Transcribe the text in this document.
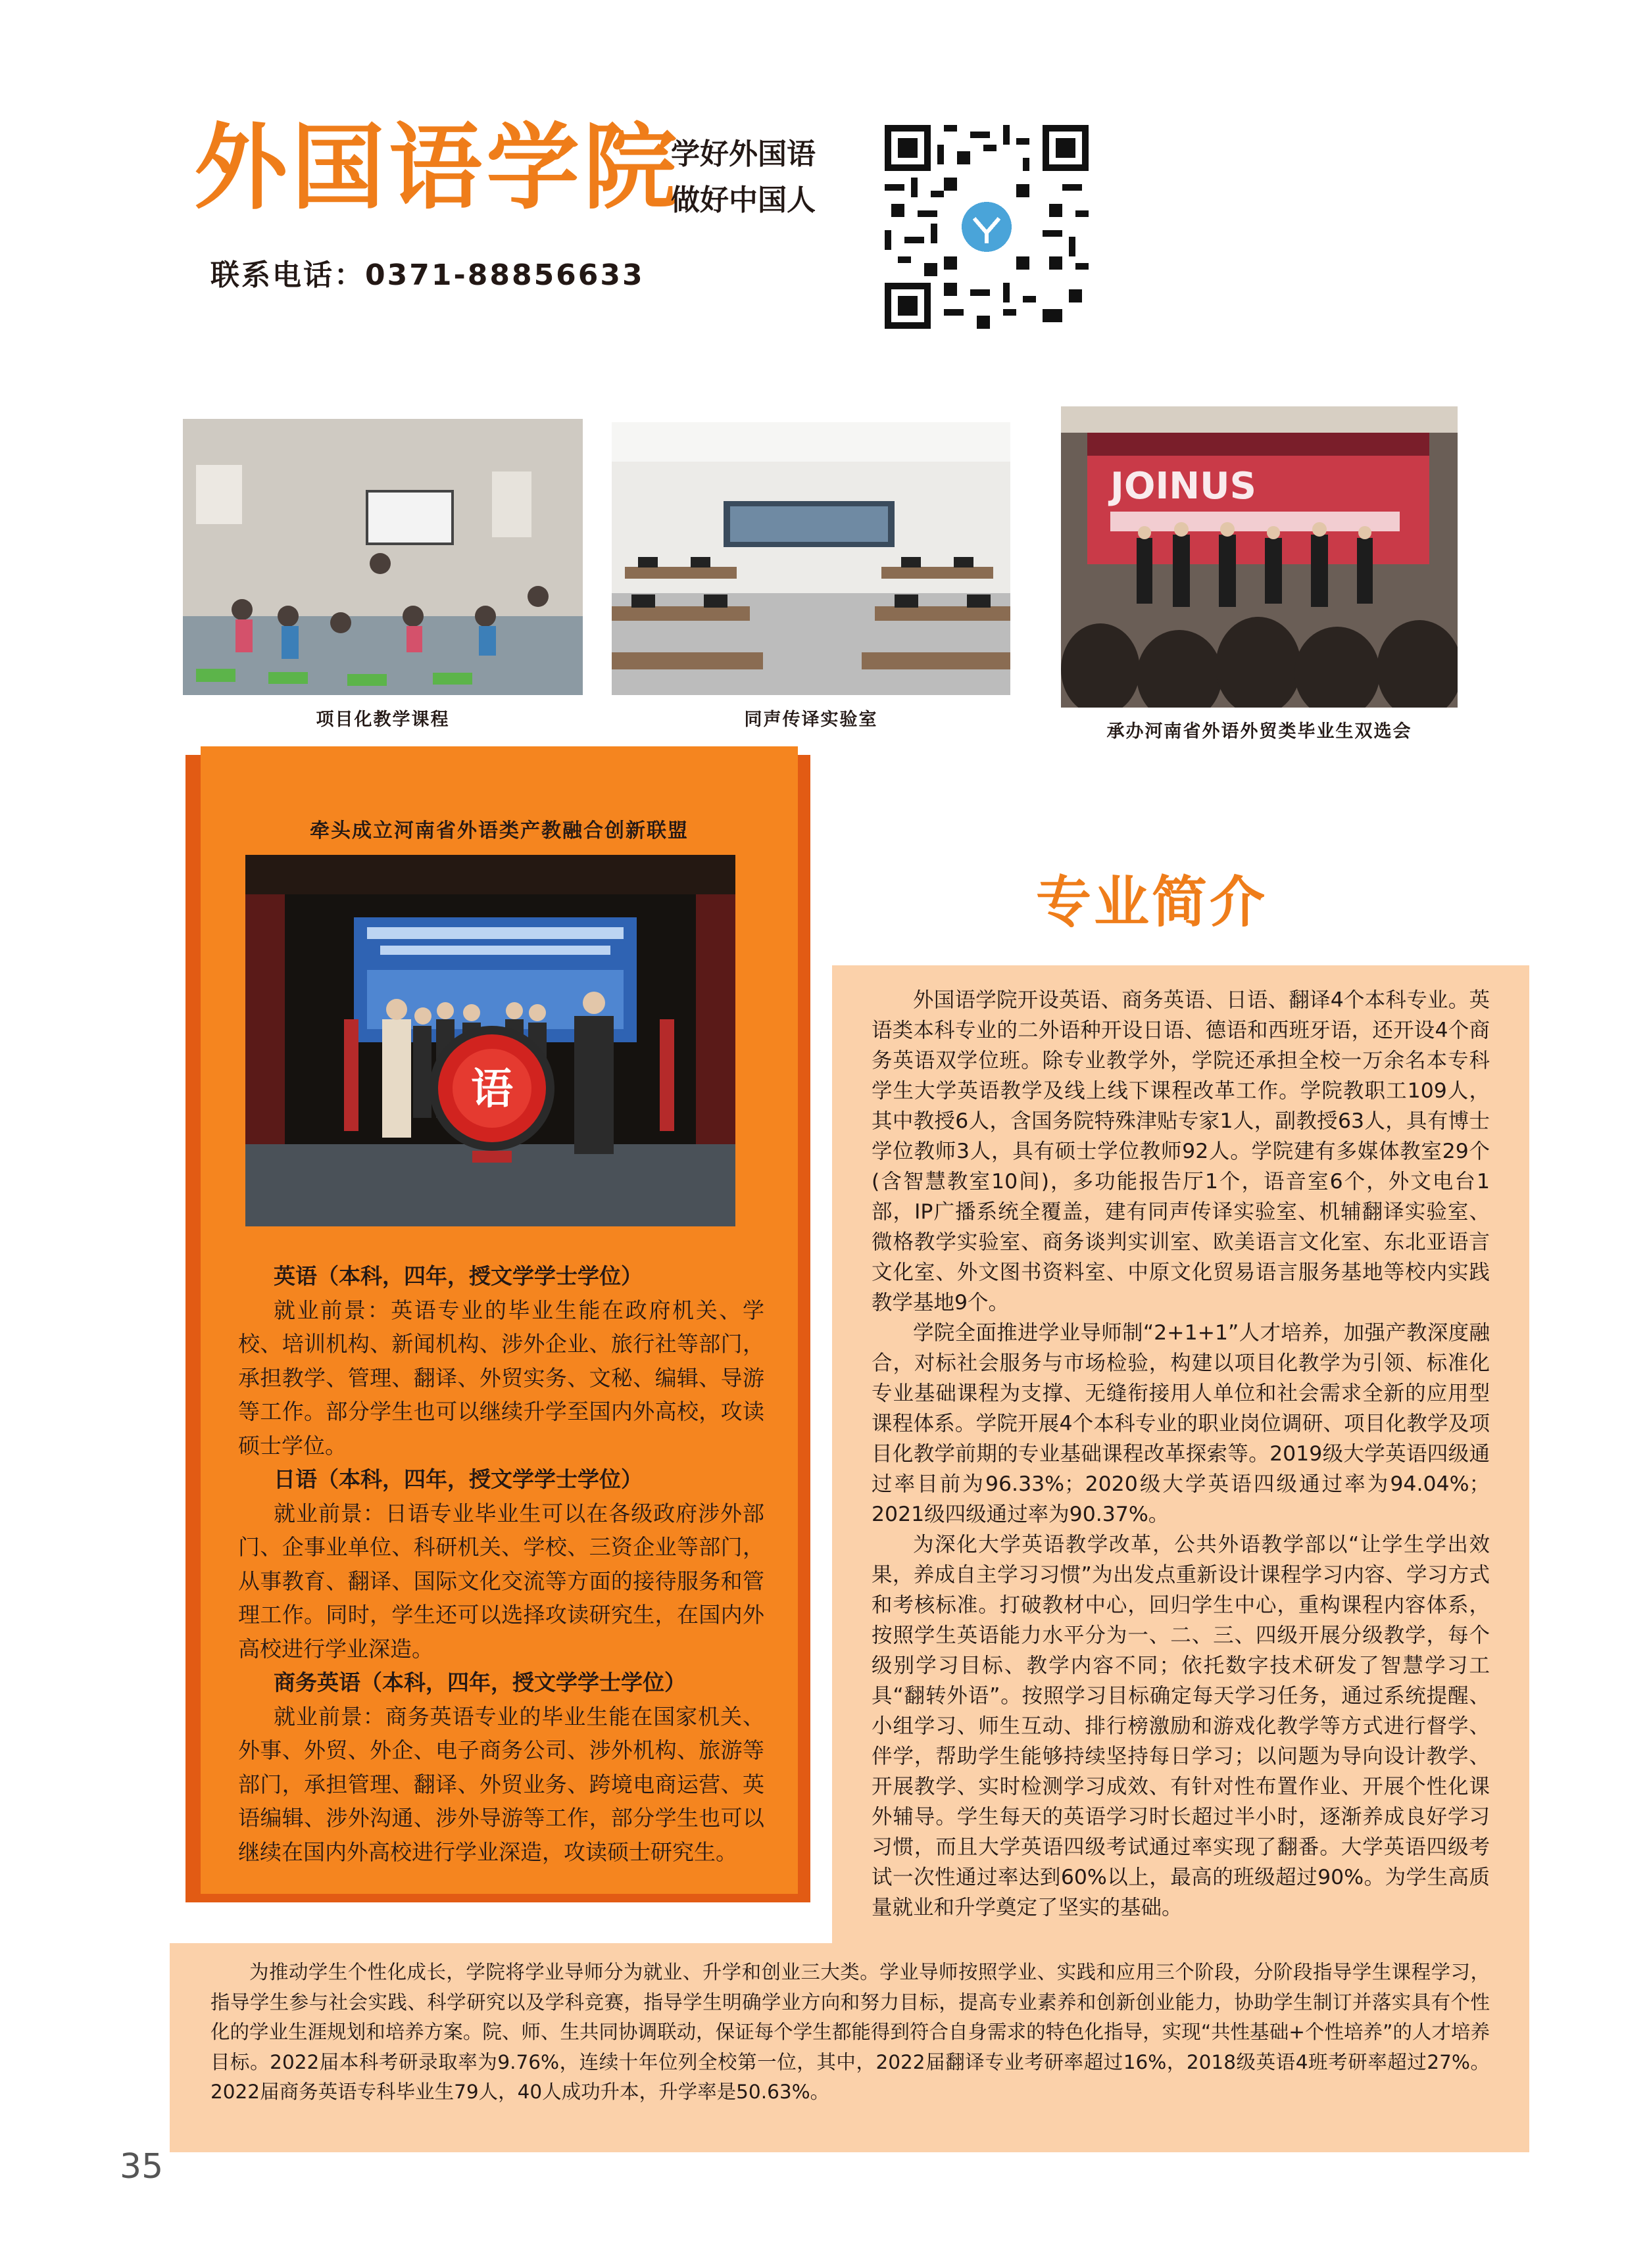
外国语学院
学好外国语
做好中国人
联系电话：0371-88856633
项目化教学课程	同声传译实验室
JOINUS
承办河南省外语外贸类毕业生双选会
牵头成立河南省外语类产教融合创新联盟
语

英语（本科，四年，授文学学士学位）

就业前景：英语专业的毕业生能在政府机关、学校、培训机构、新闻机构、涉外企业、旅行社等部门，承担教学、管理、翻译、外贸实务、文秘、编辑、导游等工作。部分学生也可以继续升学至国内外高校，攻读硕士学位。

日语（本科，四年，授文学学士学位）

就业前景：日语专业毕业生可以在各级政府涉外部门、企事业单位、科研机关、学校、三资企业等部门，从事教育、翻译、国际文化交流等方面的接待服务和管理工作。同时，学生还可以选择攻读研究生，在国内外高校进行学业深造。

商务英语（本科，四年，授文学学士学位）

就业前景：商务英语专业的毕业生能在国家机关、外事、外贸、外企、电子商务公司、涉外机构、旅游等部门，承担管理、翻译、外贸业务、跨境电商运营、英语编辑、涉外沟通、涉外导游等工作，部分学生也可以继续在国内外高校进行学业深造，攻读硕士研究生。

专业简介

外国语学院开设英语、商务英语、日语、翻译4个本科专业。英语类本科专业的二外语种开设日语、德语和西班牙语，还开设4个商务英语双学位班。除专业教学外，学院还承担全校一万余名本专科学生大学英语教学及线上线下课程改革工作。学院教职工109人，其中教授6人，含国务院特殊津贴专家1人，副教授63人，具有博士学位教师3人，具有硕士学位教师92人。学院建有多媒体教室29个(含智慧教室10间)，多功能报告厅1个，语音室6个，外文电台1部，IP广播系统全覆盖，建有同声传译实验室、机辅翻译实验室、微格教学实验室、商务谈判实训室、欧美语言文化室、东北亚语言文化室、外文图书资料室、中原文化贸易语言服务基地等校内实践教学基地9个。

学院全面推进学业导师制“2+1+1”人才培养，加强产教深度融合，对标社会服务与市场检验，构建以项目化教学为引领、标准化专业基础课程为支撑、无缝衔接用人单位和社会需求全新的应用型课程体系。学院开展4个本科专业的职业岗位调研、项目化教学及项目化教学前期的专业基础课程改革探索等。2019级大学英语四级通过率目前为96.33%；2020级大学英语四级通过率为94.04%；2021级四级通过率为90.37%。

为深化大学英语教学改革，公共外语教学部以“让学生学出效果，养成自主学习习惯”为出发点重新设计课程学习内容、学习方式和考核标准。打破教材中心，回归学生中心，重构课程内容体系，按照学生英语能力水平分为一、二、三、四级开展分级教学，每个级别学习目标、教学内容不同；依托数字技术研发了智慧学习工具“翻转外语”。按照学习目标确定每天学习任务，通过系统提醒、小组学习、师生互动、排行榜激励和游戏化教学等方式进行督学、伴学，帮助学生能够持续坚持每日学习；以问题为导向设计教学、开展教学、实时检测学习成效、有针对性布置作业、开展个性化课外辅导。学生每天的英语学习时长超过半小时，逐渐养成良好学习习惯，而且大学英语四级考试通过率实现了翻番。大学英语四级考试一次性通过率达到60%以上，最高的班级超过90%。为学生高质量就业和升学奠定了坚实的基础。

为推动学生个性化成长，学院将学业导师分为就业、升学和创业三大类。学业导师按照学业、实践和应用三个阶段，分阶段指导学生课程学习，指导学生参与社会实践、科学研究以及学科竞赛，指导学生明确学业方向和努力目标，提高专业素养和创新创业能力，协助学生制订并落实具有个性化的学业生涯规划和培养方案。院、师、生共同协调联动，保证每个学生都能得到符合自身需求的特色化指导，实现“共性基础+个性培养”的人才培养目标。2022届本科考研录取率为9.76%，连续十年位列全校第一位，其中，2022届翻译专业考研率超过16%，2018级英语4班考研率超过27%。2022届商务英语专科毕业生79人，40人成功升本，升学率是50.63%。

35
